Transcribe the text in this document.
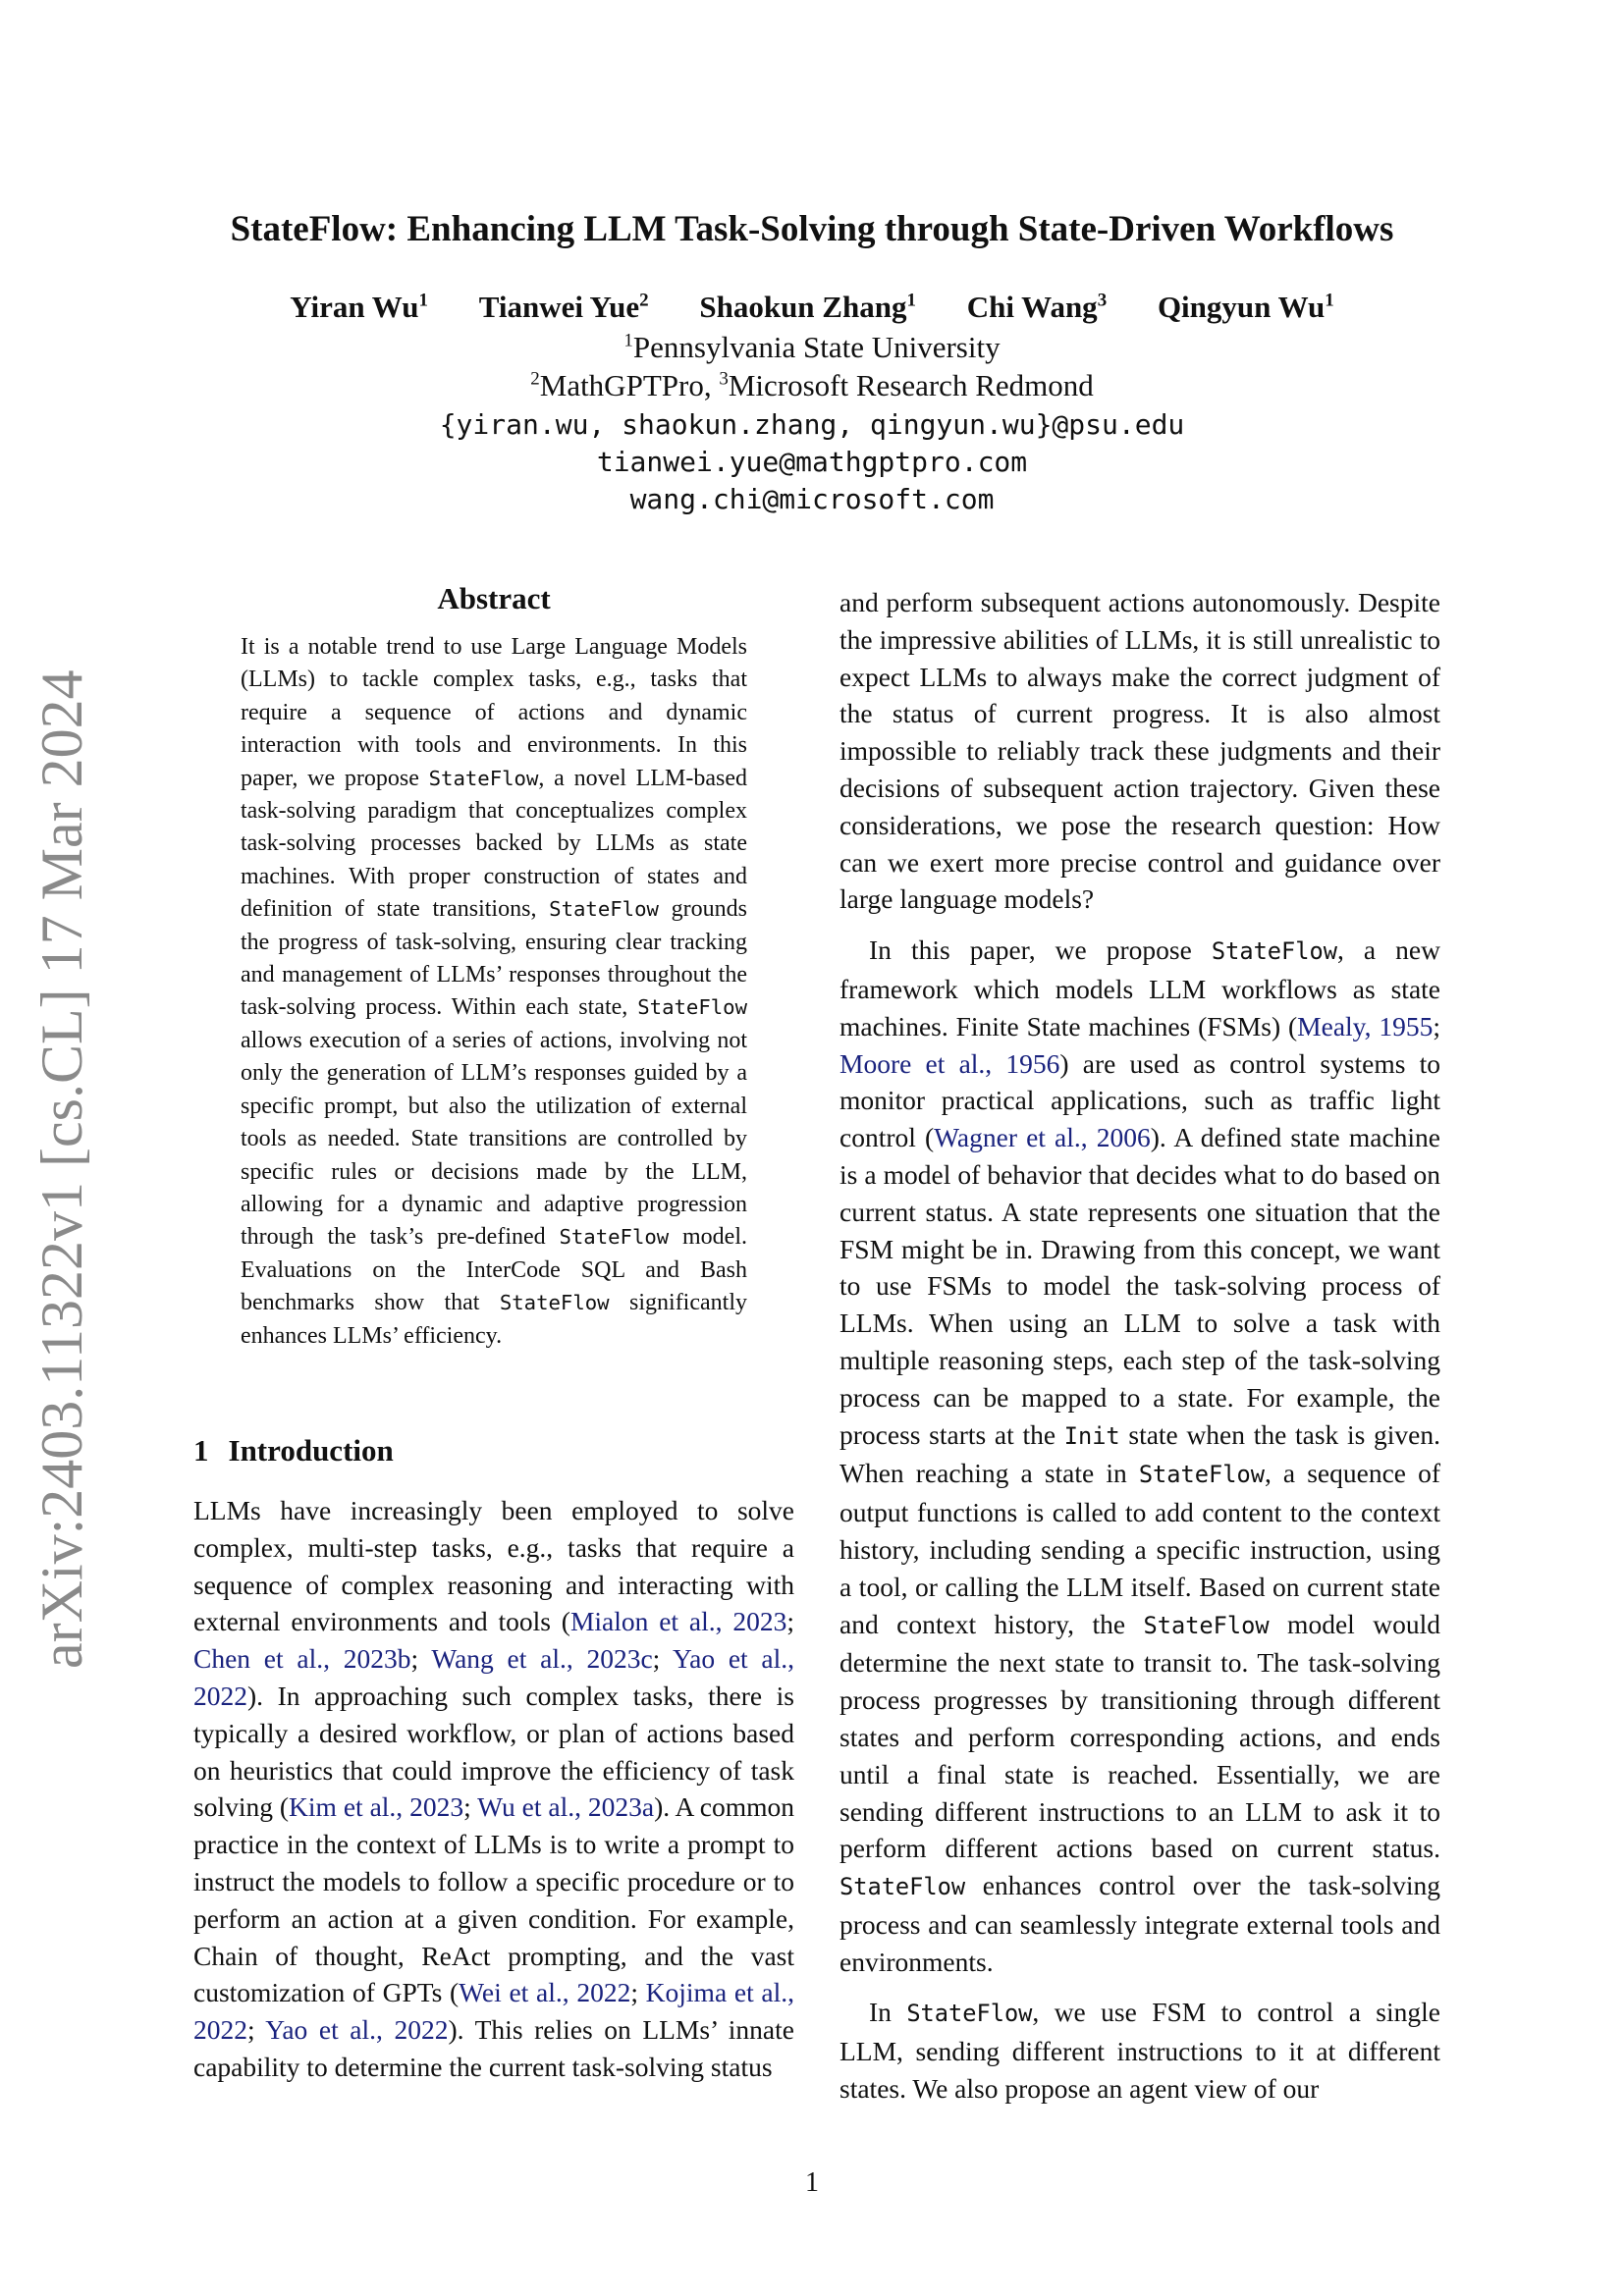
StateFlow: Enhancing LLM Task-Solving through State-Driven Workflows
Yiran Wu$^1$ Tianwei Yue$^2$ Shaokun Zhang$^1$ Chi Wang$^3$ Qingyun Wu$^1$
$^1$Pennsylvania State University
$^2$MathGPTPro, $^3$Microsoft Research Redmond
{yiran.wu, shaokun.zhang, qingyun.wu}@psu.edu
tianwei.yue@mathgptpro.com
wang.chi@microsoft.com
arXiv:2403.11322v1 [cs.CL] 17 Mar 2024
Abstract
It is a notable trend to use Large Language Models (LLMs) to tackle complex tasks, e.g., tasks that require a sequence of actions and dynamic interaction with tools and environments. In this paper, we propose StateFlow, a novel LLM-based task-solving paradigm that conceptualizes complex task-solving processes backed by LLMs as state machines. With proper construction of states and definition of state transitions, StateFlow grounds the progress of task-solving, ensuring clear tracking and management of LLMs’ responses throughout the task-solving process. Within each state, StateFlow allows execution of a series of actions, involving not only the generation of LLM’s responses guided by a specific prompt, but also the utilization of external tools as needed. State transitions are controlled by specific rules or decisions made by the LLM, allowing for a dynamic and adaptive progression through the task’s pre-defined StateFlow model. Evaluations on the InterCode SQL and Bash benchmarks show that StateFlow significantly enhances LLMs’ efficiency.
1 Introduction

LLMs have increasingly been employed to solve complex, multi-step tasks, e.g., tasks that require a sequence of complex reasoning and interacting with external environments and tools (Mialon et al., 2023; Chen et al., 2023b; Wang et al., 2023c; Yao et al., 2022). In approaching such complex tasks, there is typically a desired workflow, or plan of actions based on heuristics that could improve the efficiency of task solving (Kim et al., 2023; Wu et al., 2023a). A common practice in the context of LLMs is to write a prompt to instruct the models to follow a specific procedure or to perform an action at a given condition. For example, Chain of thought, ReAct prompting, and the vast customization of GPTs (Wei et al., 2022; Kojima et al., 2022; Yao et al., 2022). This relies on LLMs’ innate capability to determine the current task-solving status

and perform subsequent actions autonomously. Despite the impressive abilities of LLMs, it is still unrealistic to expect LLMs to always make the correct judgment of the status of current progress. It is also almost impossible to reliably track these judgments and their decisions of subsequent action trajectory. Given these considerations, we pose the research question: How can we exert more precise control and guidance over large language models?

In this paper, we propose StateFlow, a new framework which models LLM workflows as state machines. Finite State machines (FSMs) (Mealy, 1955; Moore et al., 1956) are used as control systems to monitor practical applications, such as traffic light control (Wagner et al., 2006). A defined state machine is a model of behavior that decides what to do based on current status. A state represents one situation that the FSM might be in. Drawing from this concept, we want to use FSMs to model the task-solving process of LLMs. When using an LLM to solve a task with multiple reasoning steps, each step of the task-solving process can be mapped to a state. For example, the process starts at the Init state when the task is given. When reaching a state in StateFlow, a sequence of output functions is called to add content to the context history, including sending a specific instruction, using a tool, or calling the LLM itself. Based on current state and context history, the StateFlow model would determine the next state to transit to. The task-solving process progresses by transitioning through different states and perform corresponding actions, and ends until a final state is reached. Essentially, we are sending different instructions to an LLM to ask it to perform different actions based on current status. StateFlow enhances control over the task-solving process and can seamlessly integrate external tools and environments.

In StateFlow, we use FSM to control a single LLM, sending different instructions to it at different states. We also propose an agent view of our

1
